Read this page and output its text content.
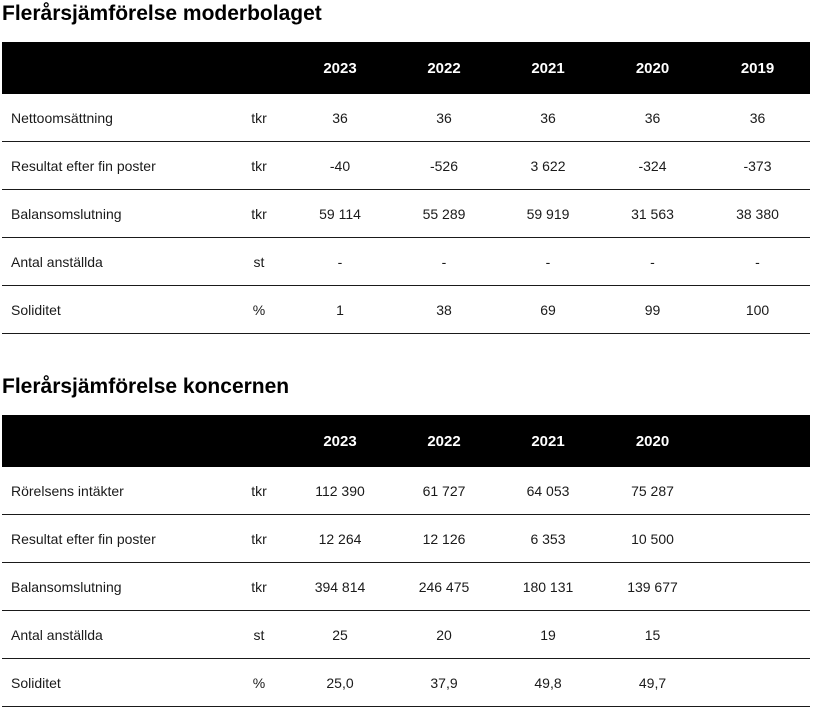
Flerårsjämförelse moderbolaget
		2023	2022	2021	2020	2019
Nettoomsättning	tkr	36	36	36	36	36
Resultat efter fin poster	tkr	-40	-526	3 622	-324	-373
Balansomslutning	tkr	59 114	55 289	59 919	31 563	38 380
Antal anställda	st	-	-	-	-	-
Soliditet	%	1	38	69	99	100
Flerårsjämförelse koncernen
		2023	2022	2021	2020	
Rörelsens intäkter	tkr	112 390	61 727	64 053	75 287	
Resultat efter fin poster	tkr	12 264	12 126	6 353	10 500	
Balansomslutning	tkr	394 814	246 475	180 131	139 677	
Antal anställda	st	25	20	19	15	
Soliditet	%	25,0	37,9	49,8	49,7	
